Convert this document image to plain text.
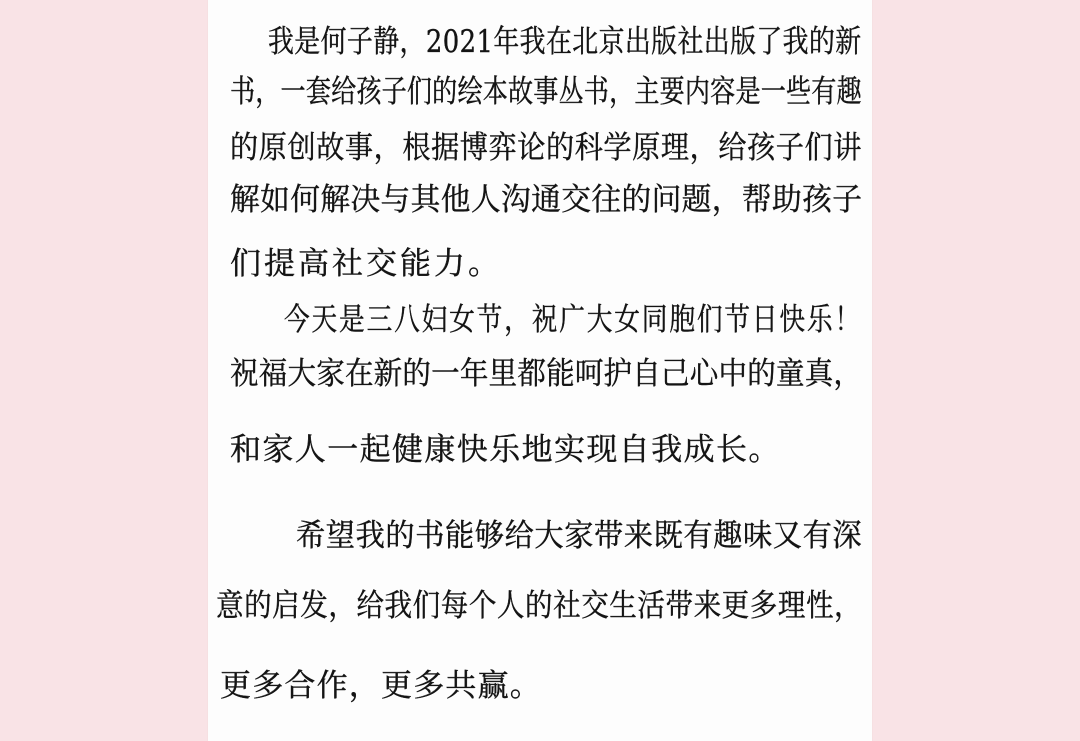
我是何子静，2021年我在北京出版社出版了我的新
书，一套给孩子们的绘本故事丛书，主要内容是一些有趣
的原创故事，根据博弈论的科学原理，给孩子们讲
解如何解决与其他人沟通交往的问题，帮助孩子
们提高社交能力。
今天是三八妇女节，祝广大女同胞们节日快乐！
祝福大家在新的一年里都能呵护自己心中的童真，
和家人一起健康快乐地实现自我成长。
希望我的书能够给大家带来既有趣味又有深
意的启发，给我们每个人的社交生活带来更多理性，
更多合作，更多共赢。
